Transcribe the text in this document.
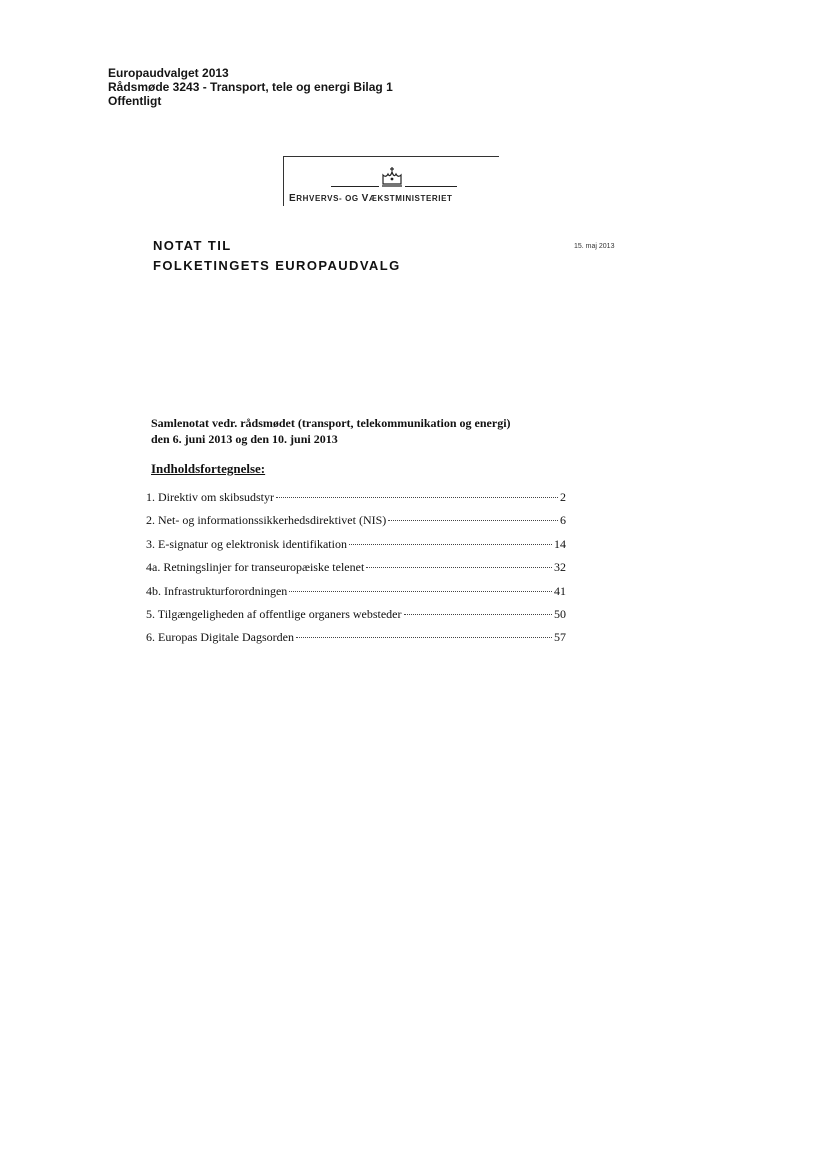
Europaudvalget 2013
Rådsmøde 3243 - Transport, tele og energi Bilag 1
Offentligt
ERHVERVS- OG VÆKSTMINISTERIET
NOTAT TIL
FOLKETINGETS EUROPAUDVALG
15. maj 2013
Samlenotat vedr. rådsmødet (transport, telekommunikation og energi)
den 6. juni 2013 og den 10. juni 2013
Indholdsfortegnelse:
1. Direktiv om skibsudstyr	2
2. Net- og informationssikkerhedsdirektivet (NIS)	6
3. E-signatur og elektronisk identifikation	14
4a. Retningslinjer for transeuropæiske telenet	32
4b. Infrastrukturforordningen	41
5. Tilgængeligheden af offentlige organers websteder	50
6. Europas Digitale Dagsorden	57
